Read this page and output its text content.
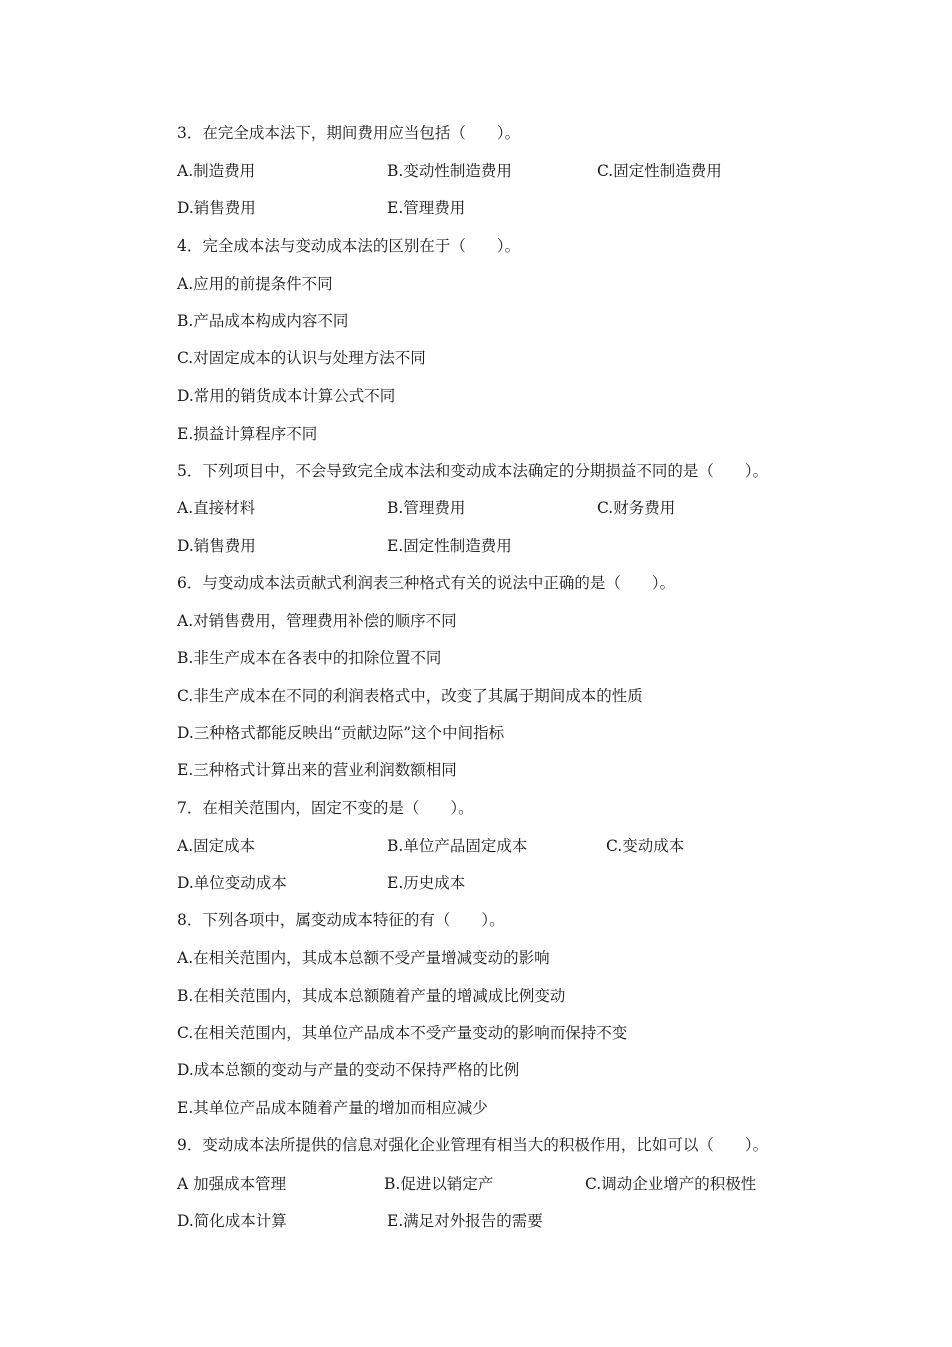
3．在完全成本法下，期间费用应当包括（　　）。
A.制造费用	B.变动性制造费用	C.固定性制造费用
D.销售费用	E.管理费用
4．完全成本法与变动成本法的区别在于（　　）。
A.应用的前提条件不同
B.产品成本构成内容不同
C.对固定成本的认识与处理方法不同
D.常用的销货成本计算公式不同
E.损益计算程序不同
5．下列项目中，不会导致完全成本法和变动成本法确定的分期损益不同的是（　　）。
A.直接材料	B.管理费用	C.财务费用
D.销售费用	E.固定性制造费用
6．与变动成本法贡献式利润表三种格式有关的说法中正确的是（　　）。
A.对销售费用，管理费用补偿的顺序不同
B.非生产成本在各表中的扣除位置不同
C.非生产成本在不同的利润表格式中，改变了其属于期间成本的性质
D.三种格式都能反映出“贡献边际”这个中间指标
E.三种格式计算出来的营业利润数额相同
7．在相关范围内，固定不变的是（　　）。
A.固定成本	B.单位产品固定成本	C.变动成本
D.单位变动成本	E.历史成本
8．下列各项中，属变动成本特征的有（　　）。
A.在相关范围内，其成本总额不受产量增减变动的影响
B.在相关范围内，其成本总额随着产量的增减成比例变动
C.在相关范围内，其单位产品成本不受产量变动的影响而保持不变
D.成本总额的变动与产量的变动不保持严格的比例
E.其单位产品成本随着产量的增加而相应减少
9．变动成本法所提供的信息对强化企业管理有相当大的积极作用，比如可以（　　）。
A 加强成本管理	B.促进以销定产	C.调动企业增产的积极性
D.简化成本计算	E.满足对外报告的需要
